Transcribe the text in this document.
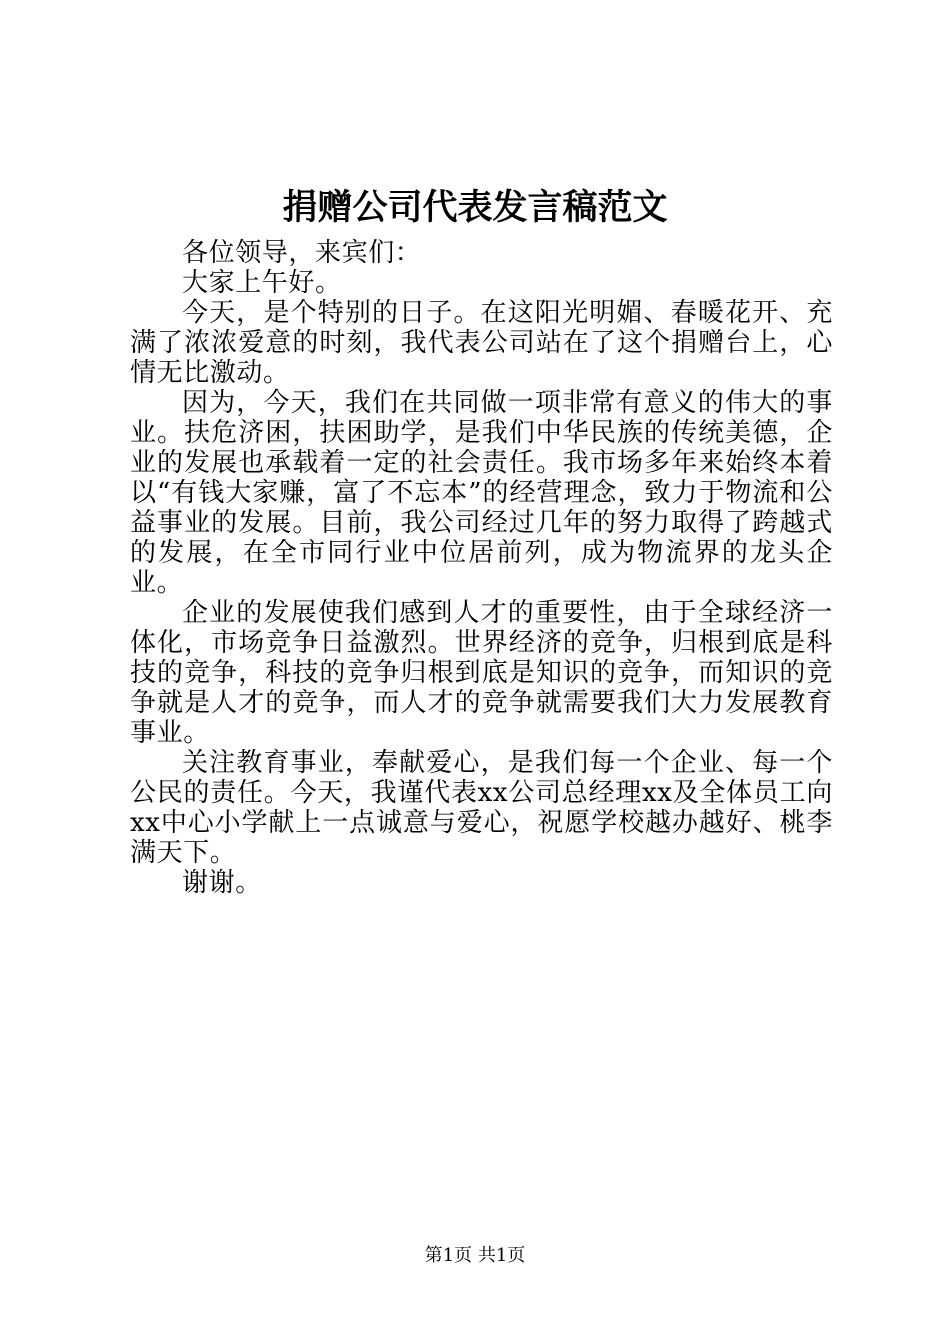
捐赠公司代表发言稿范文

各位领导，来宾们：

大家上午好。

今天，是个特别的日子。在这阳光明媚、春暖花开、充满了浓浓爱意的时刻，我代表公司站在了这个捐赠台上，心情无比激动。

因为，今天，我们在共同做一项非常有意义的伟大的事业。扶危济困，扶困助学，是我们中华民族的传统美德，企业的发展也承载着一定的社会责任。我市场多年来始终本着以“有钱大家赚，富了不忘本”的经营理念，致力于物流和公益事业的发展。目前，我公司经过几年的努力取得了跨越式的发展，在全市同行业中位居前列，成为物流界的龙头企业。

企业的发展使我们感到人才的重要性，由于全球经济一体化，市场竞争日益激烈。世界经济的竞争，归根到底是科技的竞争，科技的竞争归根到底是知识的竞争，而知识的竞争就是人才的竞争，而人才的竞争就需要我们大力发展教育事业。

关注教育事业，奉献爱心，是我们每一个企业、每一个公民的责任。今天，我谨代表xx公司总经理xx及全体员工向xx中心小学献上一点诚意与爱心，祝愿学校越办越好、桃李满天下。

谢谢。

第1页 共1页
